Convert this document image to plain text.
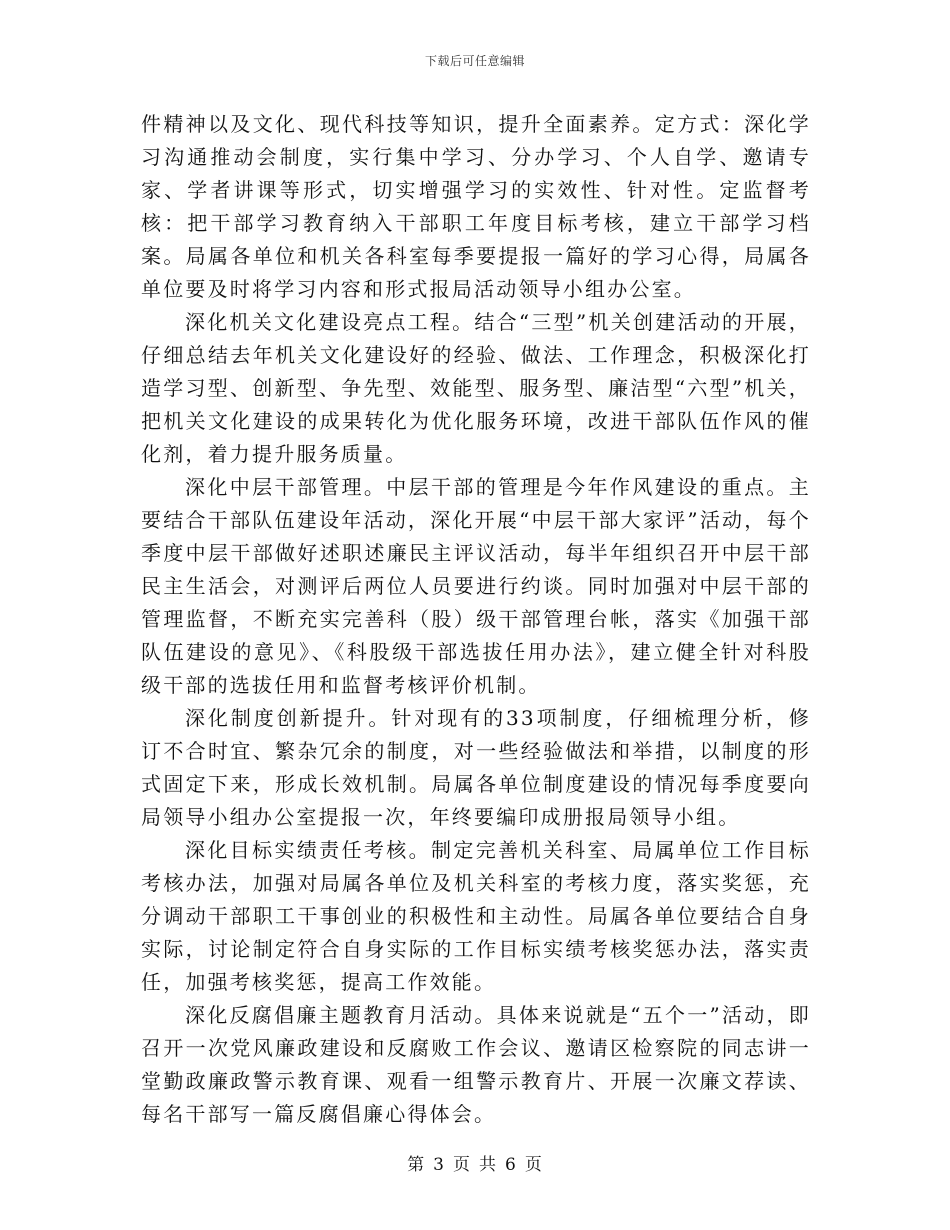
下载后可任意编辑

件精神以及文化、现代科技等知识，提升全面素养。定方式：深化学习沟通推动会制度，实行集中学习、分办学习、个人自学、邀请专家、学者讲课等形式，切实增强学习的实效性、针对性。定监督考核：把干部学习教育纳入干部职工年度目标考核，建立干部学习档案。局属各单位和机关各科室每季要提报一篇好的学习心得，局属各单位要及时将学习内容和形式报局活动领导小组办公室。

深化机关文化建设亮点工程。结合“三型”机关创建活动的开展，仔细总结去年机关文化建设好的经验、做法、工作理念，积极深化打造学习型、创新型、争先型、效能型、服务型、廉洁型“六型”机关，把机关文化建设的成果转化为优化服务环境，改进干部队伍作风的催化剂，着力提升服务质量。

深化中层干部管理。中层干部的管理是今年作风建设的重点。主要结合干部队伍建设年活动，深化开展“中层干部大家评”活动，每个季度中层干部做好述职述廉民主评议活动，每半年组织召开中层干部民主生活会，对测评后两位人员要进行约谈。同时加强对中层干部的管理监督，不断充实完善科（股）级干部管理台帐，落实《加强干部队伍建设的意见》、《科股级干部选拔任用办法》，建立健全针对科股级干部的选拔任用和监督考核评价机制。

深化制度创新提升。针对现有的33项制度，仔细梳理分析，修订不合时宜、繁杂冗余的制度，对一些经验做法和举措，以制度的形式固定下来，形成长效机制。局属各单位制度建设的情况每季度要向局领导小组办公室提报一次，年终要编印成册报局领导小组。

深化目标实绩责任考核。制定完善机关科室、局属单位工作目标考核办法，加强对局属各单位及机关科室的考核力度，落实奖惩，充分调动干部职工干事创业的积极性和主动性。局属各单位要结合自身实际，讨论制定符合自身实际的工作目标实绩考核奖惩办法，落实责任，加强考核奖惩，提高工作效能。

深化反腐倡廉主题教育月活动。具体来说就是“五个一”活动，即召开一次党风廉政建设和反腐败工作会议、邀请区检察院的同志讲一堂勤政廉政警示教育课、观看一组警示教育片、开展一次廉文荐读、每名干部写一篇反腐倡廉心得体会。

第 3 页 共 6 页
